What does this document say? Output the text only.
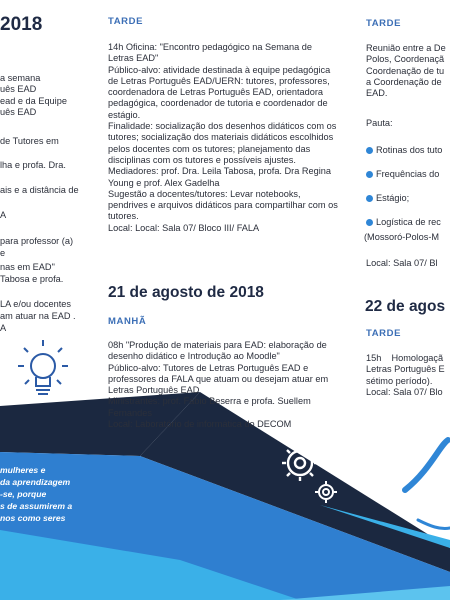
2018
a semana
uês EAD
ead e da Equipe
uês EAD
de Tutores em
lha e profa. Dra.
ais e a distância de
A
para professor (a)
e
nas em EAD"
Tabosa e profa.
LA e/ou docentes
am atuar na EAD .
A
mulheres e
da aprendizagem
-se, porque
s de assumirem a
nos como seres
TARDE

14h Oficina: "Encontro pedagógico na Semana de Letras EAD"
Público-alvo: atividade destinada à equipe pedagógica de Letras Português EAD/UERN: tutores, professores, coordenadora de Letras Português EAD, orientadora pedagógica, coordenador de tutoria e coordenador de estágio.
Finalidade: socialização dos desenhos didáticos com os tutores; socialização dos materiais didáticos escolhidos pelos docentes com os tutores; planejamento das disciplinas com os tutores e possíveis ajustes.
Mediadores: prof. Dra. Leila Tabosa, profa. Dra Regina Young e prof. Alex Gadelha
Sugestão a docentes/tutores: Levar notebooks, pendrives e arquivos didáticos para compartilhar com os tutores.
Local: Local: Sala 07/ Bloco III/ FALA

21 de agosto de 2018
MANHÃ

08h "Produção de materiais para EAD: elaboração de desenho didático e Introdução ao Moodle"
Público-alvo: Tutores de Letras Português EAD e professores da FALA que atuam ou desejam atuar em Letras Português EAD
Ministrantes: prof. Fábio Beserra e profa. Suellem Fernandes
Local: Laboratório de informática do DECOM

TARDE

Reunião entre a De
Polos, Coordenaçã
Coordenação de tu
a Coordenação de
EAD.

Pauta:
Rotinas dos tuto
Frequências do
Estágio;
Logística de rec
(Mossoró-Polos-M
Local: Sala 07/ Bl
22 de agos
TARDE

15h    Homologaçã
Letras Português E
sétimo período).
Local: Sala 07/ Blo
